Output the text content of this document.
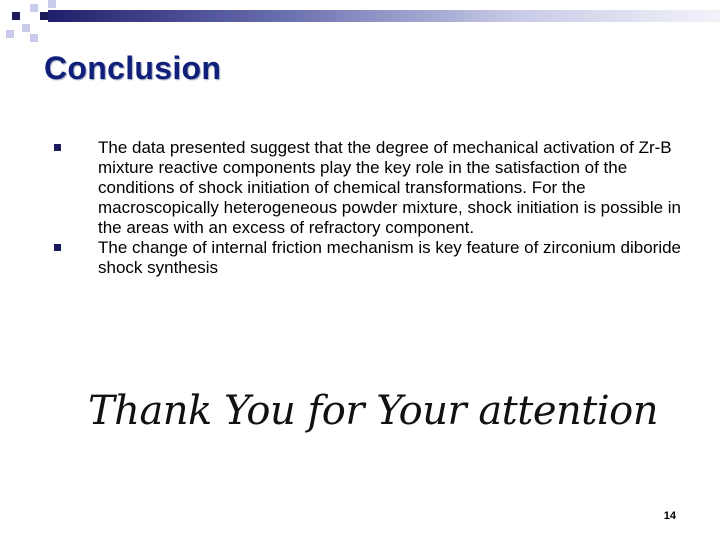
Conclusion
The data presented suggest that the degree of mechanical activation of Zr-B mixture reactive components play the key role in the satisfaction of the conditions of shock initiation of chemical transformations. For the macroscopically heterogeneous powder mixture, shock initiation is possible in the areas with an excess of refractory component.
The change of internal friction mechanism is key feature of zirconium diboride shock synthesis
Thank You for Your attention
14
